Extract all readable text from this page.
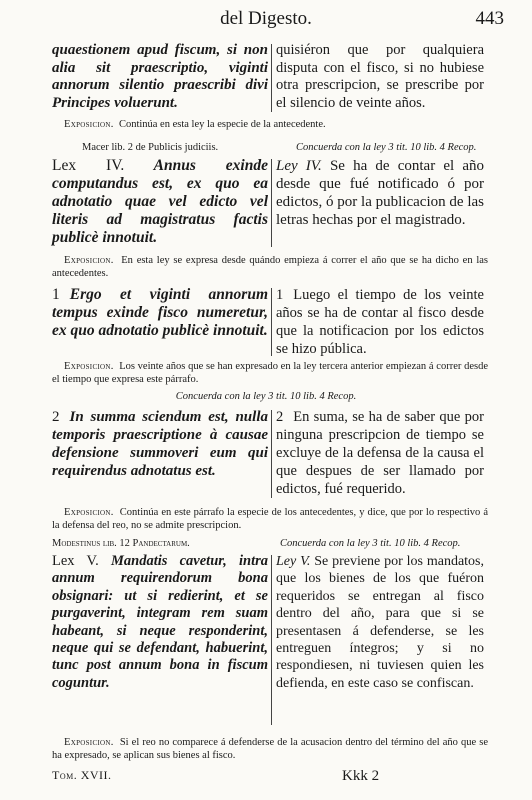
del Digesto.	443

quaestionem apud fiscum, si non alia sit praescriptio, viginti annorum silentio praescribi divi Principes voluerunt.

quisiéron que por qualquiera disputa con el fisco, si no hubiese otra prescripcion, se prescribe por el silencio de veinte años.

Exposicion. Continúa en esta ley la especie de la antecedente.
Macer lib. 2 de Publicis judiciis.	Concuerda con la ley 3 tit. 10 lib. 4 Recop.

Lex IV. Annus exinde computandus est, ex quo ea adnotatio quae vel edicto vel literis ad magistratus factis publicè innotuit.

Ley IV. Se ha de contar el año desde que fué notificado ó por edictos, ó por la publicacion de las letras hechas por el magistrado.

Exposicion. En esta ley se expresa desde quándo empieza á correr el año que se ha dicho en las antecedentes.

1 Ergo et viginti annorum tempus exinde fisco numeretur, ex quo adnotatio publicè innotuit.

1 Luego el tiempo de los veinte años se ha de contar al fisco desde que la notificacion por los edictos se hizo pública.

Exposicion. Los veinte años que se han expresado en la ley tercera anterior empiezan á correr desde el tiempo que expresa este párrafo.
Concuerda con la ley 3 tit. 10 lib. 4 Recop.

2 In summa sciendum est, nulla temporis praescriptione à causae defensione summoveri eum qui requirendus adnotatus est.

2 En suma, se ha de saber que por ninguna prescripcion de tiempo se excluye de la defensa de la causa el que despues de ser llamado por edictos, fué requerido.

Exposicion. Continúa en este párrafo la especie de los antecedentes, y dice, que por lo respectivo á la defensa del reo, no se admite prescripcion.
Modestinus lib. 12 Pandectarum.	Concuerda con la ley 3 tit. 10 lib. 4 Recop.

Lex V. Mandatis cavetur, intra annum requirendorum bona obsignari: ut si redierint, et se purgaverint, integram rem suam habeant, si neque responderint, neque qui se defendant, habuerint, tunc post annum bona in fiscum coguntur.

Ley V. Se previene por los mandatos, que los bienes de los que fuéron requeridos se entregan al fisco dentro del año, para que si se presentasen á defenderse, se les entreguen íntegros; y si no respondiesen, ni tuviesen quien les defienda, en este caso se confiscan.

Exposicion. Si el reo no comparece á defenderse de la acusacion dentro del término del año que se ha expresado, se aplican sus bienes al fisco.
Tom. XVII.	Kkk 2
